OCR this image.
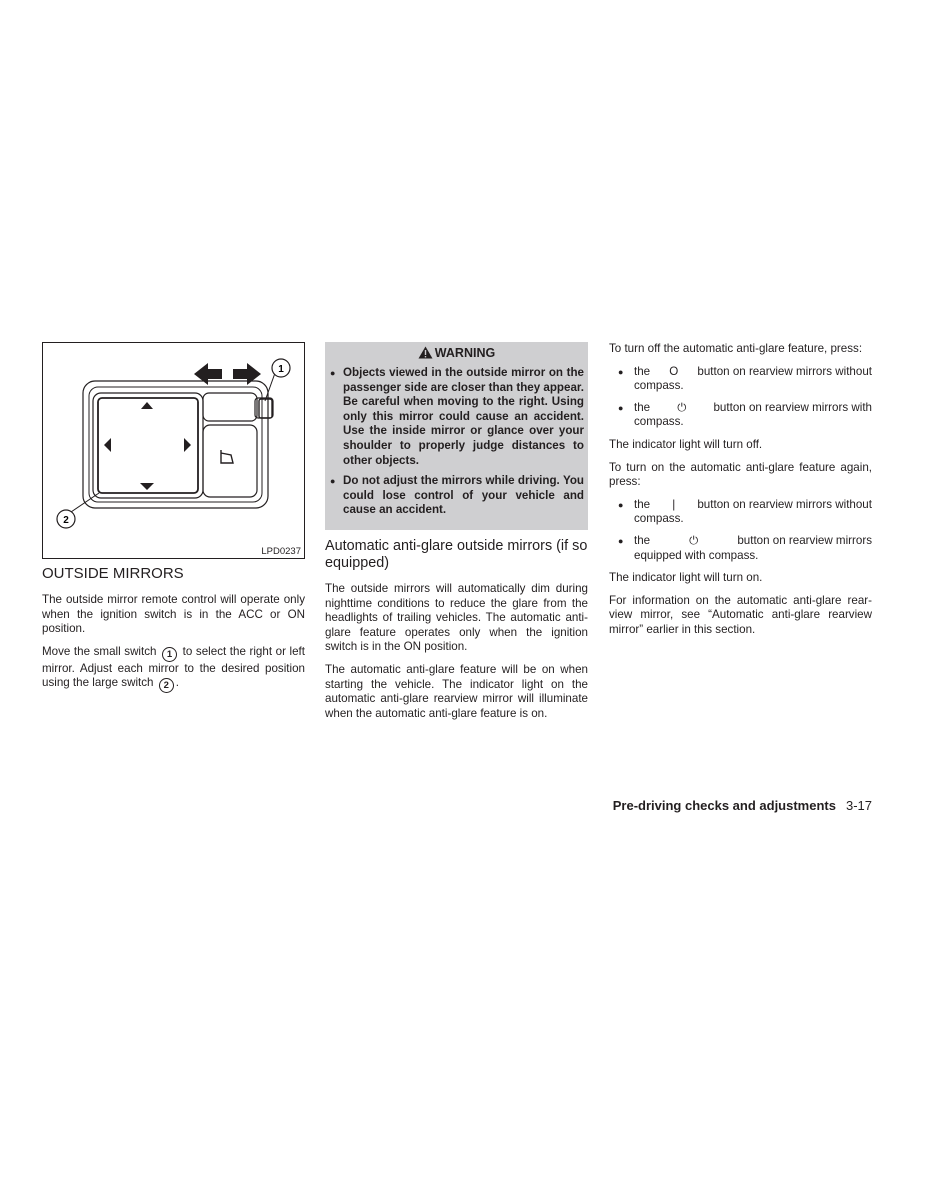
1
2
LPD0237
OUTSIDE MIRRORS

The outside mirror remote control will operate only when the ignition switch is in the ACC or ON position.

Move the small switch 1 to select the right or left mirror. Adjust each mirror to the desired position using the large switch 2 .

WARNING
● Objects viewed in the outside mirror on the passenger side are closer than they appear. Be careful when moving to the right. Using only this mirror could cause an accident. Use the inside mirror or glance over your shoulder to properly judge distances to other objects.
● Do not adjust the mirrors while driving. You could lose control of your vehicle and cause an accident.
Automatic anti-glare outside mirrors (if so equipped)

The outside mirrors will automatically dim during nighttime conditions to reduce the glare from the headlights of trailing vehicles. The automatic anti-glare feature operates only when the ignition switch is in the ON position.

The automatic anti-glare feature will be on when starting the vehicle. The indicator light on the automatic anti-glare rearview mirror will illuminate when the automatic anti-glare feature is on.

To turn off the automatic anti-glare feature, press:

● the O button on rearview mirrors without
compass.
● the ⏻ button on rearview mirrors with
compass.

The indicator light will turn off.

To turn on the automatic anti-glare feature again, press:

● the | button on rearview mirrors without
compass.
● the	⏻	button on rearview mirrors
equipped with compass.

The indicator light will turn on.

For information on the automatic anti-glare rear-view mirror, see “Automatic anti-glare rearview mirror” earlier in this section.

Pre-driving checks and adjustments 3-17
